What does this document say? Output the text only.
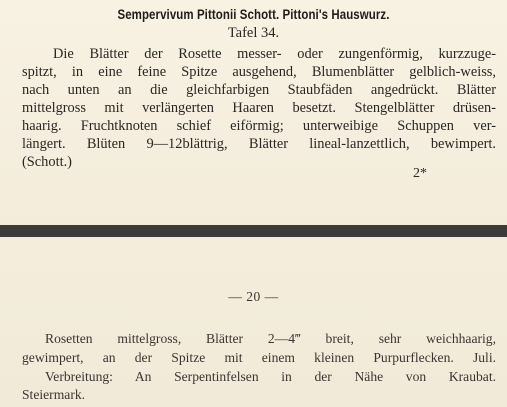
Sempervivum Pittonii Schott. Pittoni's Hauswurz.
Tafel 34.
Die Blätter der Rosette messer- oder zungenförmig, kurzzuge-
spitzt, in eine feine Spitze ausgehend, Blumenblätter gelblich-weiss,
nach unten an die gleichfarbigen Staubfäden angedrückt. Blätter
mittelgross mit verlängerten Haaren besetzt. Stengelblätter drüsen-
haarig. Fruchtknoten schief eiförmig; unterweibige Schuppen ver-
längert. Blüten 9—12blättrig, Blätter lineal-lanzettlich, bewimpert.
(Schott.)
2*
— 20 —
Rosetten mittelgross, Blätter 2—4‴ breit, sehr weichhaarig,
gewimpert, an der Spitze mit einem kleinen Purpurflecken. Juli.
Verbreitung: An Serpentinfelsen in der Nähe von Kraubat.
Steiermark.
